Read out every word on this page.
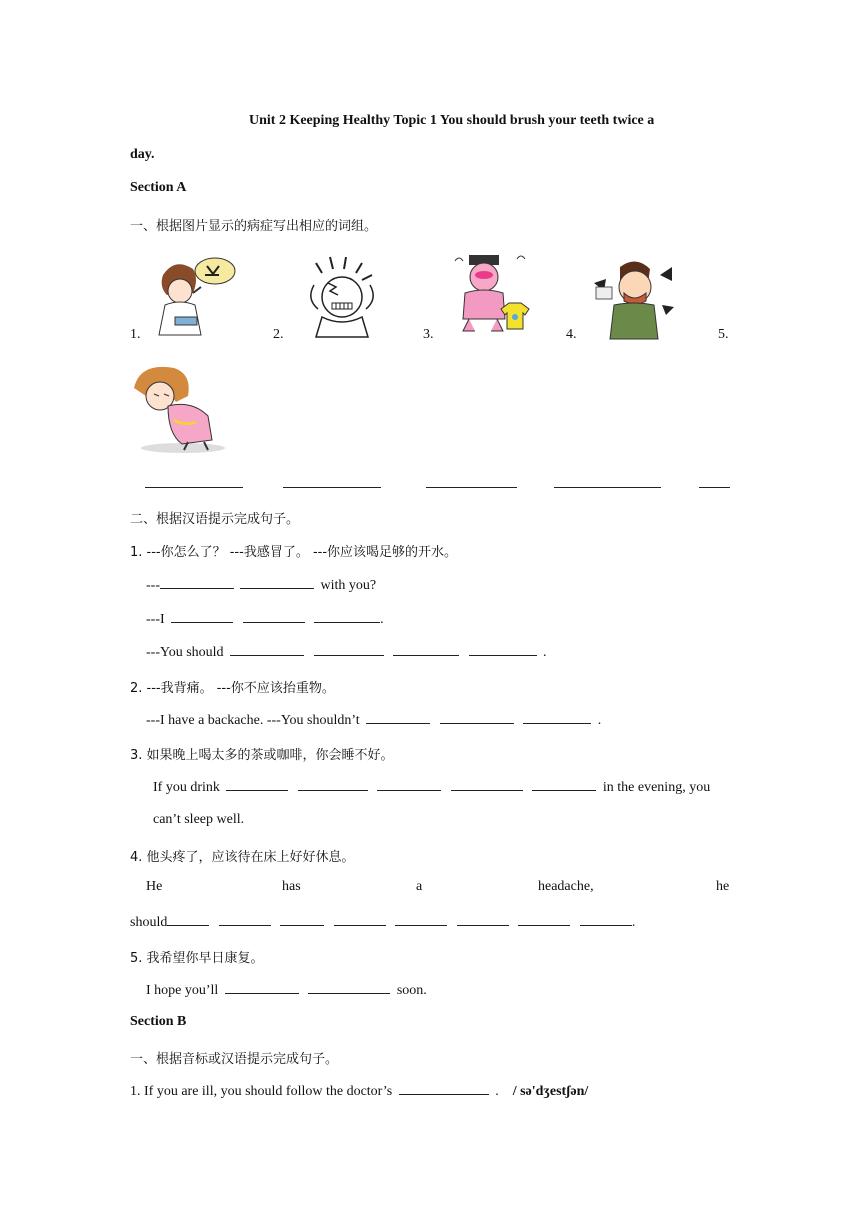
Unit 2 Keeping Healthy Topic 1 You should brush your teeth twice a
day.
Section A
一、根据图片显示的病症写出相应的词组。
1.	2.	3.	4.	5.
二、根据汉语提示完成句子。
1. ---你怎么了？ ---我感冒了。 ---你应该喝足够的开水。
---	with you?
---I	.
---You should	.
2. ---我背痛。 ---你不应该抬重物。
---I have a backache. ---You shouldn’t	.
3. 如果晚上喝太多的茶或咖啡，你会睡不好。
If you drink	in the evening, you
can’t sleep well.
4. 他头疼了，应该待在床上好好休息。
He	has	a	headache,	he
should	.
5. 我希望你早日康复。
I hope you’ll	soon.
Section B
一、根据音标或汉语提示完成句子。
1. If you are ill, you should follow the doctor’s	. / sə'dʒestʃən/
